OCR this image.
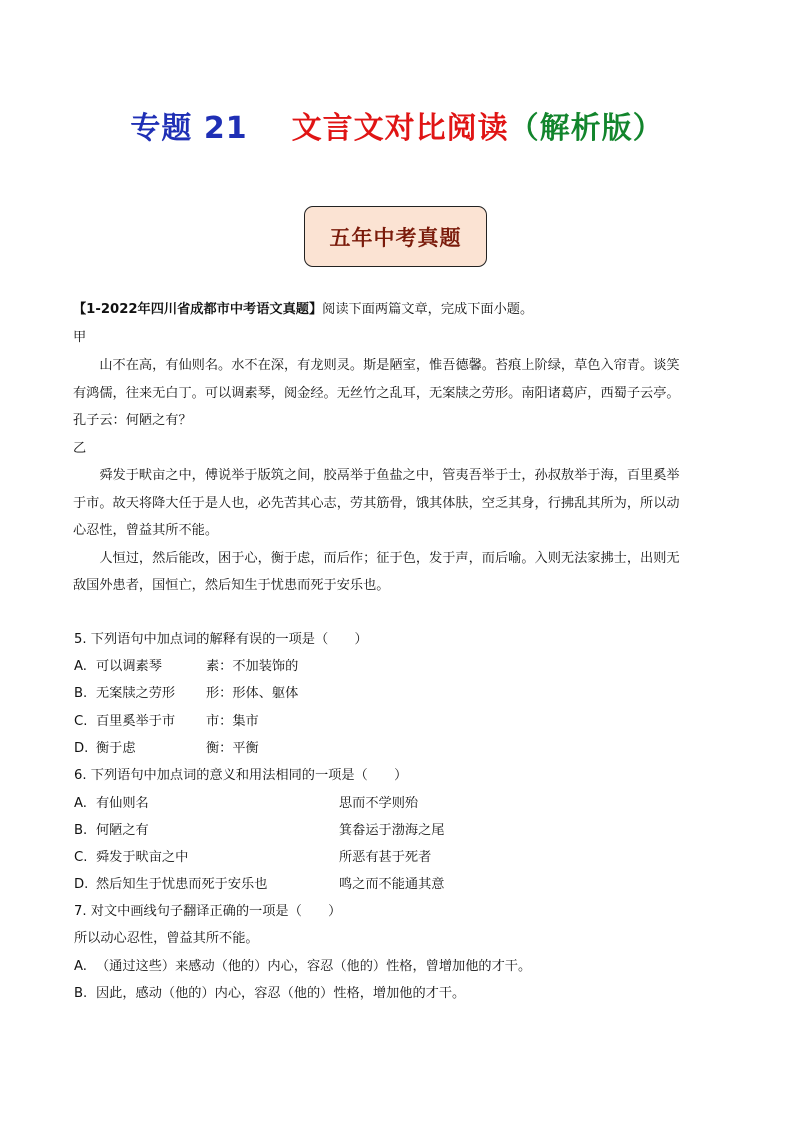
专题 21 文言文对比阅读（解析版）
五年中考真题
【1-2022年四川省成都市中考语文真题】阅读下面两篇文章，完成下面小题。
甲
　　山不在高，有仙则名。水不在深，有龙则灵。斯是陋室，惟吾德馨。苔痕上阶绿，草色入帘青。谈笑
有鸿儒，往来无白丁。可以调素琴，阅金经。无丝竹之乱耳，无案牍之劳形。南阳诸葛庐，西蜀子云亭。
孔子云：何陋之有？
乙
　　舜发于畎亩之中，傅说举于版筑之间，胶鬲举于鱼盐之中，管夷吾举于士，孙叔敖举于海，百里奚举
于市。故天将降大任于是人也，必先苦其心志，劳其筋骨，饿其体肤，空乏其身，行拂乱其所为，所以动
心忍性，曾益其所不能。
　　人恒过，然后能改，困于心，衡于虑，而后作；征于色，发于声，而后喻。入则无法家拂士，出则无
敌国外患者，国恒亡，然后知生于忧患而死于安乐也。
5. 下列语句中加点词的解释有误的一项是（　　）
A. 可以调素琴	素：不加装饰的
B. 无案牍之劳形 形：形体、躯体
C. 百里奚举于市 市：集市
D. 衡于虑	衡：平衡
6. 下列语句中加点词的意义和用法相同的一项是（　　）
A. 有仙则名	思而不学则殆
B. 何陋之有	箕畚运于渤海之尾
C. 舜发于畎亩之中	所恶有甚于死者
D. 然后知生于忧患而死于安乐也	鸣之而不能通其意
7. 对文中画线句子翻译正确的一项是（　　）
所以动心忍性，曾益其所不能。
A. （通过这些）来感动（他的）内心，容忍（他的）性格，曾增加他的才干。
B. 因此，感动（他的）内心，容忍（他的）性格，增加他的才干。
